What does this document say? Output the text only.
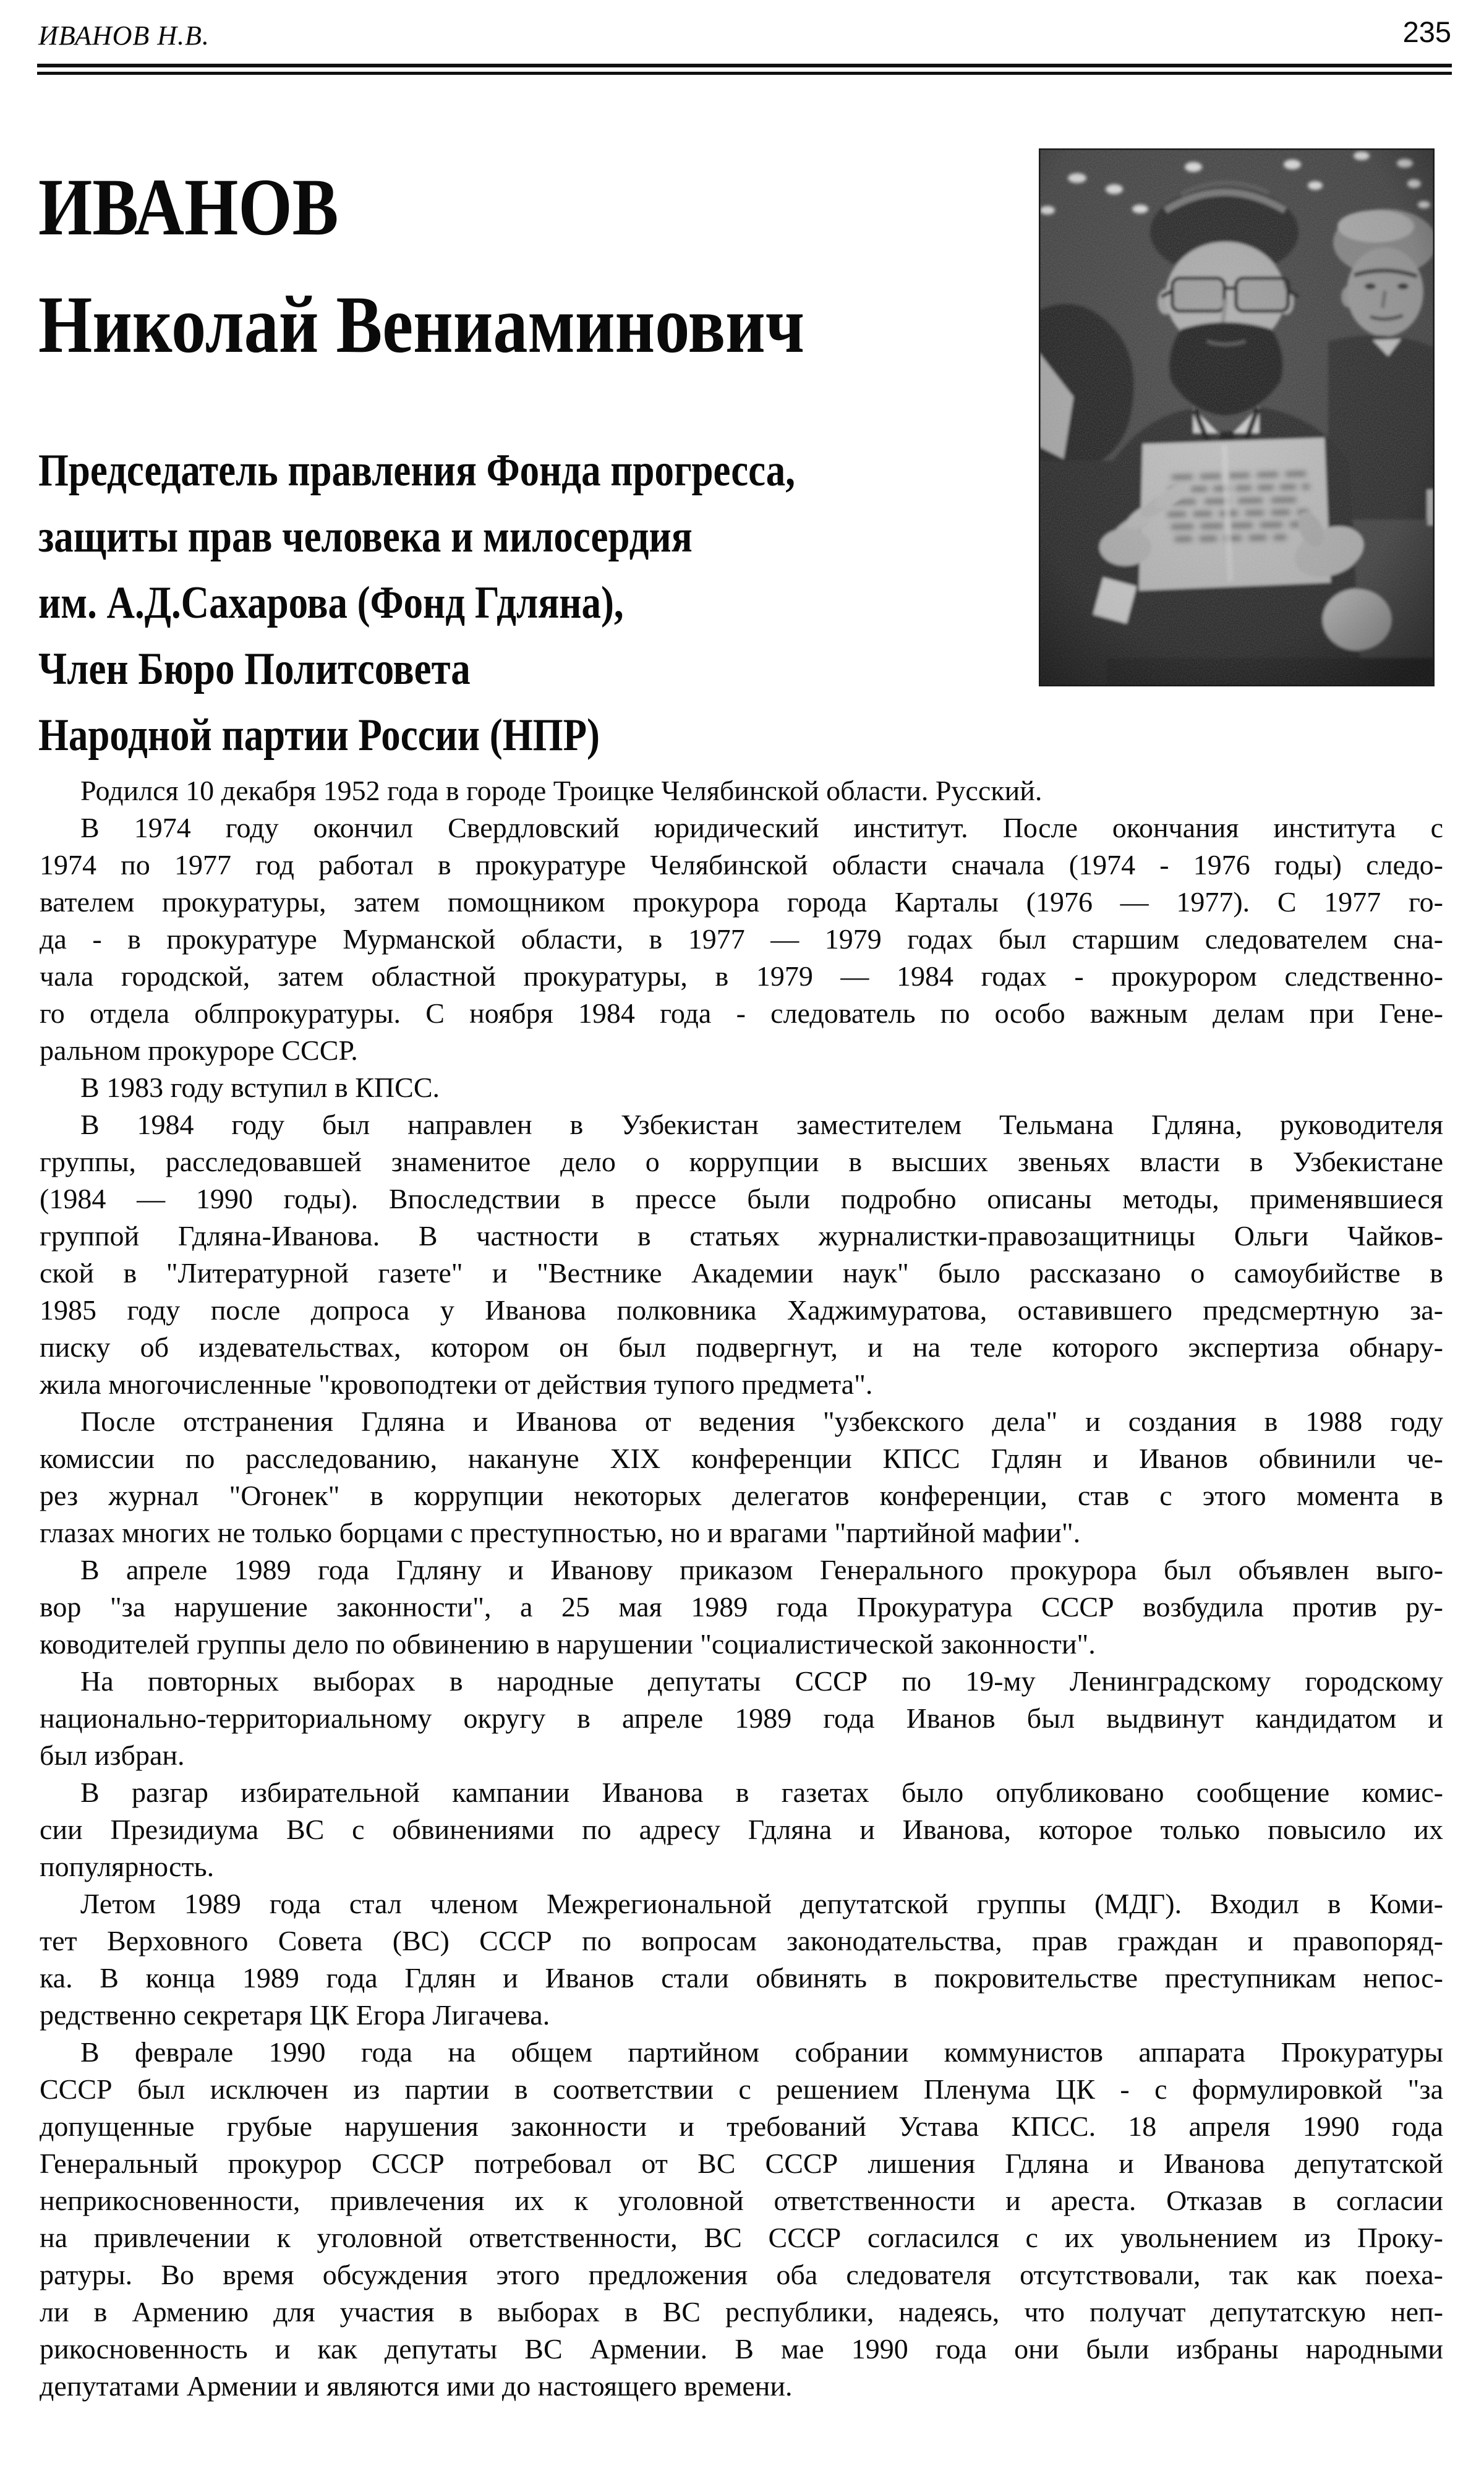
ИВАНОВ Н.В.	235
ИВАНОВ
Николай Вениаминович
Председатель правления Фонда прогресса,
защиты прав человека и милосердия
им. А.Д.Сахарова (Фонд Гдляна),
Член Бюро Политсовета
Народной партии России (НПР)
Родился 10 декабря 1952 года в городе Троицке Челябинской области. Русский.
В 1974 году окончил Свердловский юридический институт. После окончания института с
1974 по 1977 год работал в прокуратуре Челябинской области сначала (1974 - 1976 годы) следо-
вателем прокуратуры, затем помощником прокурора города Карталы (1976 — 1977). С 1977 го-
да - в прокуратуре Мурманской области, в 1977 — 1979 годах был старшим следователем сна-
чала городской, затем областной прокуратуры, в 1979 — 1984 годах - прокурором следственно-
го отдела облпрокуратуры. С ноября 1984 года - следователь по особо важным делам при Гене-
ральном прокуроре СССР.
В 1983 году вступил в КПСС.
В 1984 году был направлен в Узбекистан заместителем Тельмана Гдляна, руководителя
группы, расследовавшей знаменитое дело о коррупции в высших звеньях власти в Узбекистане
(1984 — 1990 годы). Впоследствии в прессе были подробно описаны методы, применявшиеся
группой Гдляна-Иванова. В частности в статьях журналистки-правозащитницы Ольги Чайков-
ской в "Литературной газете" и "Вестнике Академии наук" было рассказано о самоубийстве в
1985 году после допроса у Иванова полковника Хаджимуратова, оставившего предсмертную за-
писку об издевательствах, котором он был подвергнут, и на теле которого экспертиза обнару-
жила многочисленные "кровоподтеки от действия тупого предмета".
После отстранения Гдляна и Иванова от ведения "узбекского дела" и создания в 1988 году
комиссии по расследованию, накануне XIX конференции КПСС Гдлян и Иванов обвинили че-
рез журнал "Огонек" в коррупции некоторых делегатов конференции, став с этого момента в
глазах многих не только борцами с преступностью, но и врагами "партийной мафии".
В апреле 1989 года Гдляну и Иванову приказом Генерального прокурора был объявлен выго-
вор "за нарушение законности", а 25 мая 1989 года Прокуратура СССР возбудила против ру-
ководителей группы дело по обвинению в нарушении "социалистической законности".
На повторных выборах в народные депутаты СССР по 19-му Ленинградскому городскому
национально-территориальному округу в апреле 1989 года Иванов был выдвинут кандидатом и
был избран.
В разгар избирательной кампании Иванова в газетах было опубликовано сообщение комис-
сии Президиума ВС с обвинениями по адресу Гдляна и Иванова, которое только повысило их
популярность.
Летом 1989 года стал членом Межрегиональной депутатской группы (МДГ). Входил в Коми-
тет Верховного Совета (ВС) СССР по вопросам законодательства, прав граждан и правопоряд-
ка. В конца 1989 года Гдлян и Иванов стали обвинять в покровительстве преступникам непос-
редственно секретаря ЦК Егора Лигачева.
В феврале 1990 года на общем партийном собрании коммунистов аппарата Прокуратуры
СССР был исключен из партии в соответствии с решением Пленума ЦК - с формулировкой "за
допущенные грубые нарушения законности и требований Устава КПСС. 18 апреля 1990 года
Генеральный прокурор СССР потребовал от ВС СССР лишения Гдляна и Иванова депутатской
неприкосновенности, привлечения их к уголовной ответственности и ареста. Отказав в согласии
на привлечении к уголовной ответственности, ВС СССР согласился с их увольнением из Проку-
ратуры. Во время обсуждения этого предложения оба следователя отсутствовали, так как поеха-
ли в Армению для участия в выборах в ВС республики, надеясь, что получат депутатскую неп-
рикосновенность и как депутаты ВС Армении. В мае 1990 года они были избраны народными
депутатами Армении и являются ими до настоящего времени.
